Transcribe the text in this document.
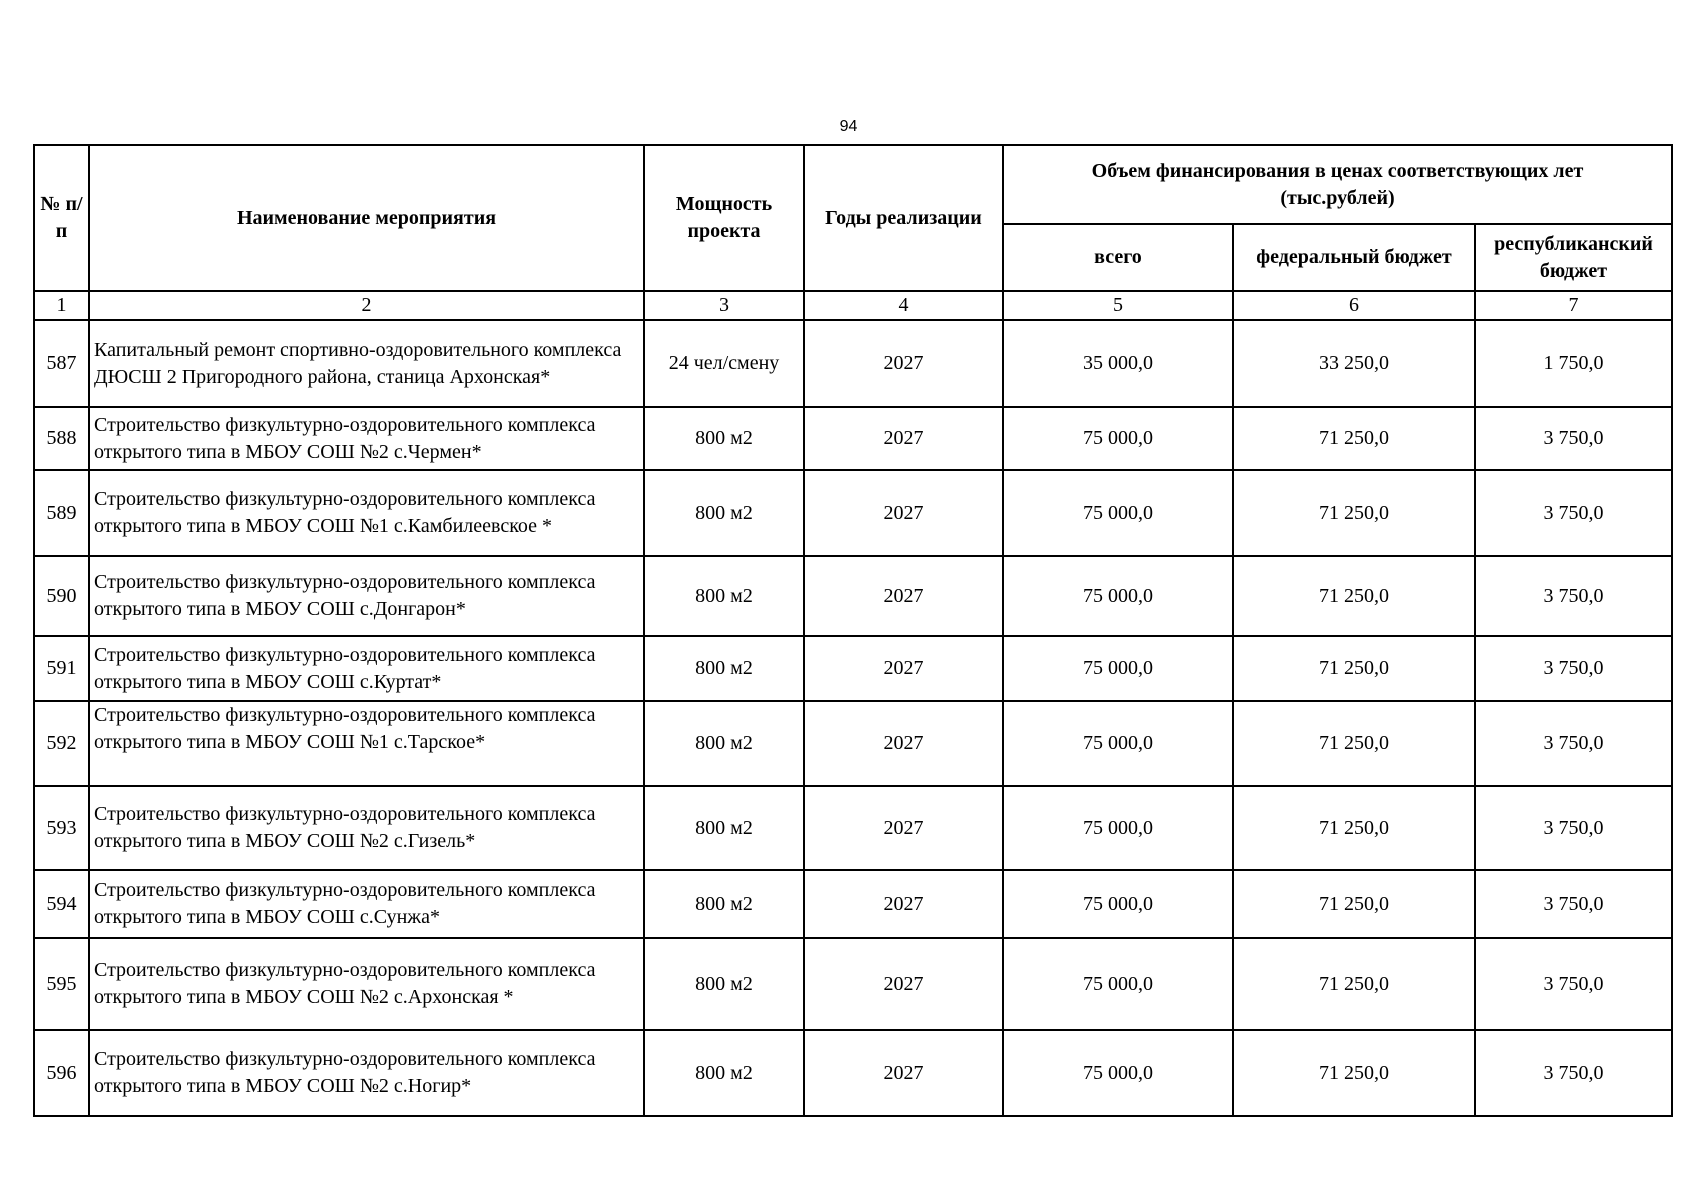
94
№ п/п	Наименование мероприятия	Мощность проекта	Годы реализации	Объем финансирования в ценах соответствующих лет (тыс.рублей)		
				всего	федеральный бюджет	республиканский бюджет
1	2	3	4	5	6	7
587	Капитальный ремонт спортивно-оздоровительного комплекса ДЮСШ 2 Пригородного района, станица Архонская*	24 чел/смену	2027	35 000,0	33 250,0	1 750,0
588	Строительство физкультурно-оздоровительного комплекса открытого типа в МБОУ СОШ №2 с.Чермен*	800 м2	2027	75 000,0	71 250,0	3 750,0
589	Строительство физкультурно-оздоровительного комплекса открытого типа в МБОУ СОШ №1 с.Камбилеевское *	800 м2	2027	75 000,0	71 250,0	3 750,0
590	Строительство физкультурно-оздоровительного комплекса открытого типа в МБОУ СОШ с.Донгарон*	800 м2	2027	75 000,0	71 250,0	3 750,0
591	Строительство физкультурно-оздоровительного комплекса открытого типа в МБОУ СОШ с.Куртат*	800 м2	2027	75 000,0	71 250,0	3 750,0
592	Строительство физкультурно-оздоровительного комплекса открытого типа в МБОУ СОШ №1 с.Тарское*	800 м2	2027	75 000,0	71 250,0	3 750,0
593	Строительство физкультурно-оздоровительного комплекса открытого типа в МБОУ СОШ №2 с.Гизель*	800 м2	2027	75 000,0	71 250,0	3 750,0
594	Строительство физкультурно-оздоровительного комплекса открытого типа в МБОУ СОШ с.Сунжа*	800 м2	2027	75 000,0	71 250,0	3 750,0
595	Строительство физкультурно-оздоровительного комплекса открытого типа в МБОУ СОШ №2 с.Архонская *	800 м2	2027	75 000,0	71 250,0	3 750,0
596	Строительство физкультурно-оздоровительного комплекса открытого типа в МБОУ СОШ №2 с.Ногир*	800 м2	2027	75 000,0	71 250,0	3 750,0
